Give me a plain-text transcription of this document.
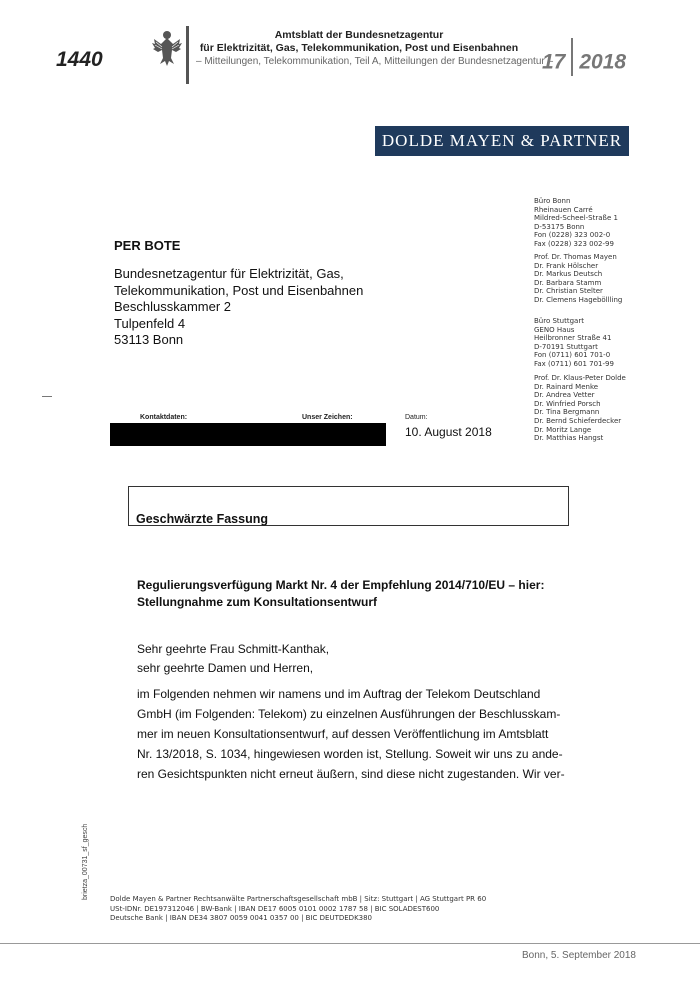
1440
Amtsblatt der Bundesnetzagentur
für Elektrizität, Gas, Telekommunikation, Post und Eisenbahnen
– Mitteilungen, Telekommunikation, Teil A, Mitteilungen der Bundesnetzagentur –
17 2018
DOLDE MAYEN & PARTNER
Büro Bonn
Rheinauen Carré
Mildred-Scheel-Straße 1
D-53175 Bonn
Fon (0228) 323 002-0
Fax (0228) 323 002-99
Prof. Dr. Thomas Mayen
Dr. Frank Hölscher
Dr. Markus Deutsch
Dr. Barbara Stamm
Dr. Christian Stelter
Dr. Clemens Hageböllling
Büro Stuttgart
GENO Haus
Heilbronner Straße 41
D-70191 Stuttgart
Fon (0711) 601 701-0
Fax (0711) 601 701-99
Prof. Dr. Klaus-Peter Dolde
Dr. Rainard Menke
Dr. Andrea Vetter
Dr. Winfried Porsch
Dr. Tina Bergmann
Dr. Bernd Schieferdecker
Dr. Moritz Lange
Dr. Matthias Hangst
PER BOTE
Bundesnetzagentur für Elektrizität, Gas,
Telekommunikation, Post und Eisenbahnen
Beschlusskammer 2
Tulpenfeld 4
53113 Bonn
Kontaktdaten:	Unser Zeichen:	Datum:
10. August 2018
Geschwärzte Fassung
Regulierungsverfügung Markt Nr. 4 der Empfehlung 2014/710/EU – hier:
Stellungnahme zum Konsultationsentwurf
Sehr geehrte Frau Schmitt-Kanthak,
sehr geehrte Damen und Herren,
im Folgenden nehmen wir namens und im Auftrag der Telekom Deutschland
GmbH (im Folgenden: Telekom) zu einzelnen Ausführungen der Beschlusskam-
mer im neuen Konsultationsentwurf, auf dessen Veröffentlichung im Amtsblatt
Nr. 13/2018, S. 1034, hingewiesen worden ist, Stellung. Soweit wir uns zu ande-
ren Gesichtspunkten nicht erneut äußern, sind diese nicht zugestanden. Wir ver-
brietza_00731_sf_gesch	Dolde Mayen & Partner Rechtsanwälte Partnerschaftsgesellschaft mbB | Sitz: Stuttgart | AG Stuttgart PR 60
USt-IDNr. DE197312046 | BW-Bank | IBAN DE17 6005 0101 0002 1787 58 | BIC SOLADEST600
Deutsche Bank | IBAN DE34 3807 0059 0041 0357 00 | BIC DEUTDEDK380
Bonn, 5. September 2018
